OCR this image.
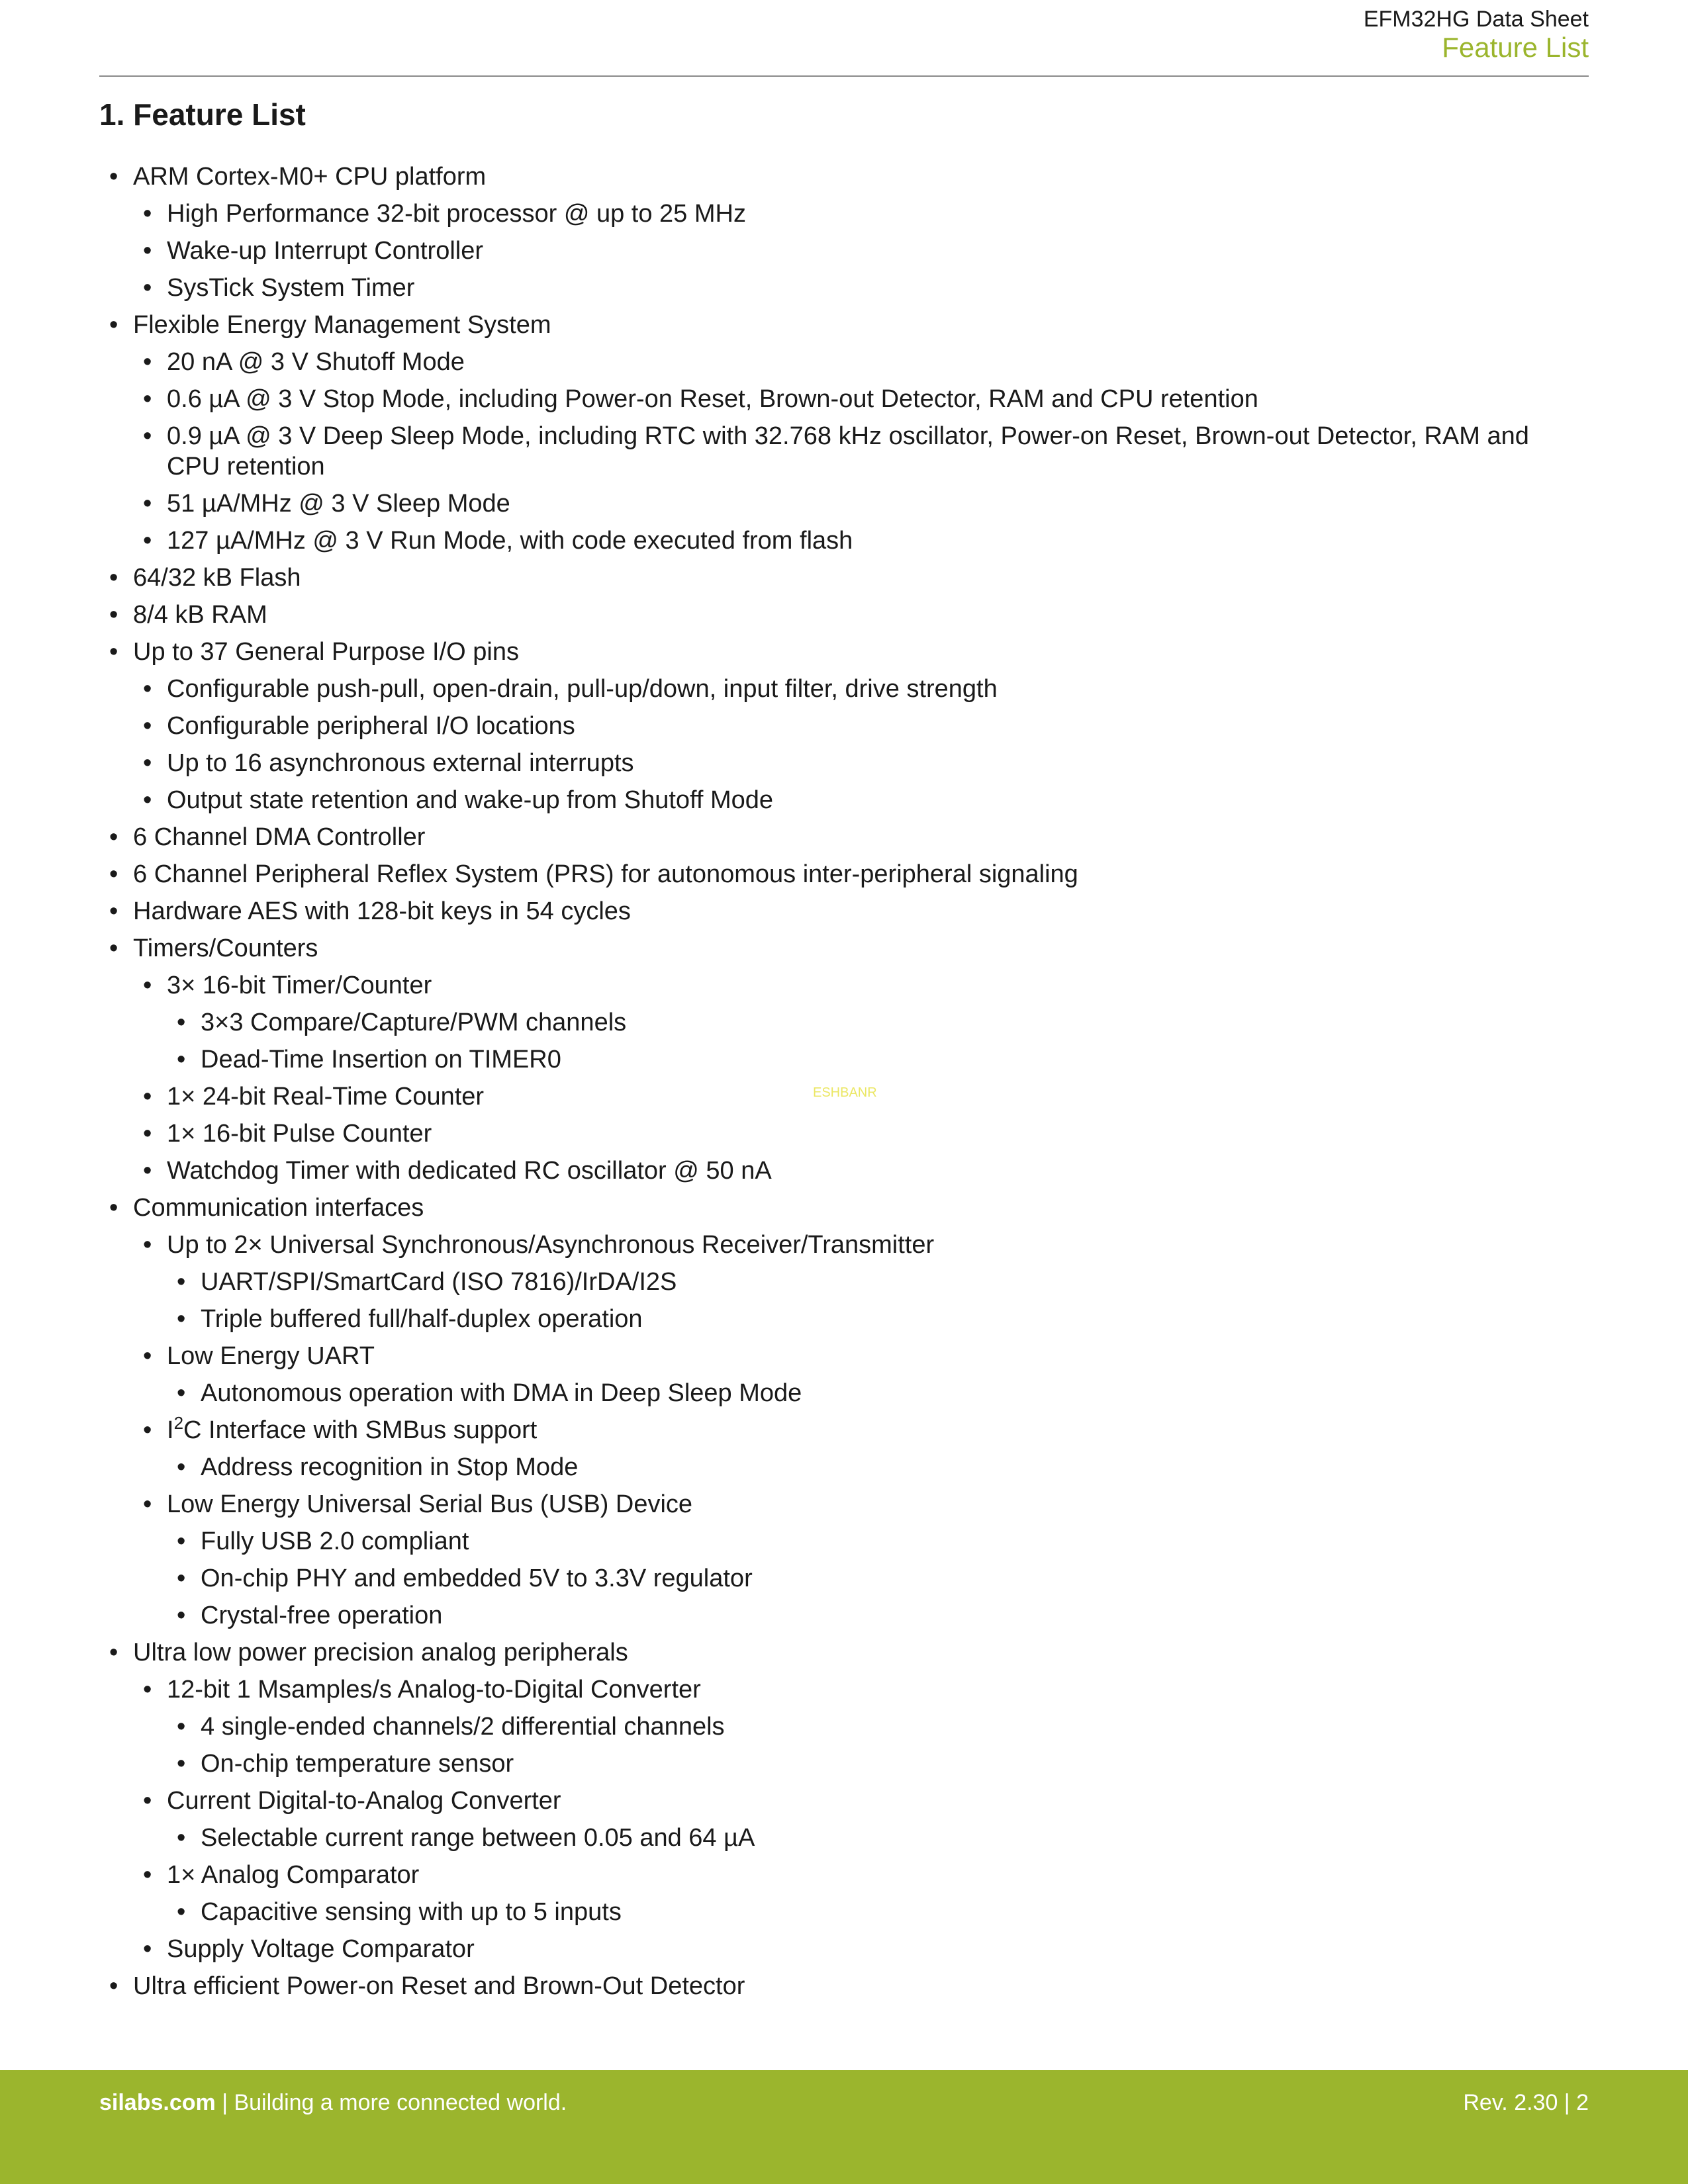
EFM32HG Data Sheet
Feature List
1. Feature List
• ARM Cortex-M0+ CPU platform
• High Performance 32-bit processor @ up to 25 MHz
• Wake-up Interrupt Controller
• SysTick System Timer
• Flexible Energy Management System
• 20 nA @ 3 V Shutoff Mode
• 0.6 µA @ 3 V Stop Mode, including Power-on Reset, Brown-out Detector, RAM and CPU retention
• 0.9 µA @ 3 V Deep Sleep Mode, including RTC with 32.768 kHz oscillator, Power-on Reset, Brown-out Detector, RAM and CPU retention
• 51 µA/MHz @ 3 V Sleep Mode
• 127 µA/MHz @ 3 V Run Mode, with code executed from flash
• 64/32 kB Flash
• 8/4 kB RAM
• Up to 37 General Purpose I/O pins
• Configurable push-pull, open-drain, pull-up/down, input filter, drive strength
• Configurable peripheral I/O locations
• Up to 16 asynchronous external interrupts
• Output state retention and wake-up from Shutoff Mode
• 6 Channel DMA Controller
• 6 Channel Peripheral Reflex System (PRS) for autonomous inter-peripheral signaling
• Hardware AES with 128-bit keys in 54 cycles
• Timers/Counters
• 3× 16-bit Timer/Counter
• 3×3 Compare/Capture/PWM channels
• Dead-Time Insertion on TIMER0
• 1× 24-bit Real-Time Counter
• 1× 16-bit Pulse Counter
• Watchdog Timer with dedicated RC oscillator @ 50 nA
• Communication interfaces
• Up to 2× Universal Synchronous/Asynchronous Receiver/Transmitter
• UART/SPI/SmartCard (ISO 7816)/IrDA/I2S
• Triple buffered full/half-duplex operation
• Low Energy UART
• Autonomous operation with DMA in Deep Sleep Mode
• $I^2C$ Interface with SMBus support
• Address recognition in Stop Mode
• Low Energy Universal Serial Bus (USB) Device
• Fully USB 2.0 compliant
• On-chip PHY and embedded 5V to 3.3V regulator
• Crystal-free operation
• Ultra low power precision analog peripherals
• 12-bit 1 Msamples/s Analog-to-Digital Converter
• 4 single-ended channels/2 differential channels
• On-chip temperature sensor
• Current Digital-to-Analog Converter
• Selectable current range between 0.05 and 64 µA
• 1× Analog Comparator
• Capacitive sensing with up to 5 inputs
• Supply Voltage Comparator
• Ultra efficient Power-on Reset and Brown-Out Detector
ESHBANR
silabs.com | Building a more connected world.	Rev. 2.30 | 2
